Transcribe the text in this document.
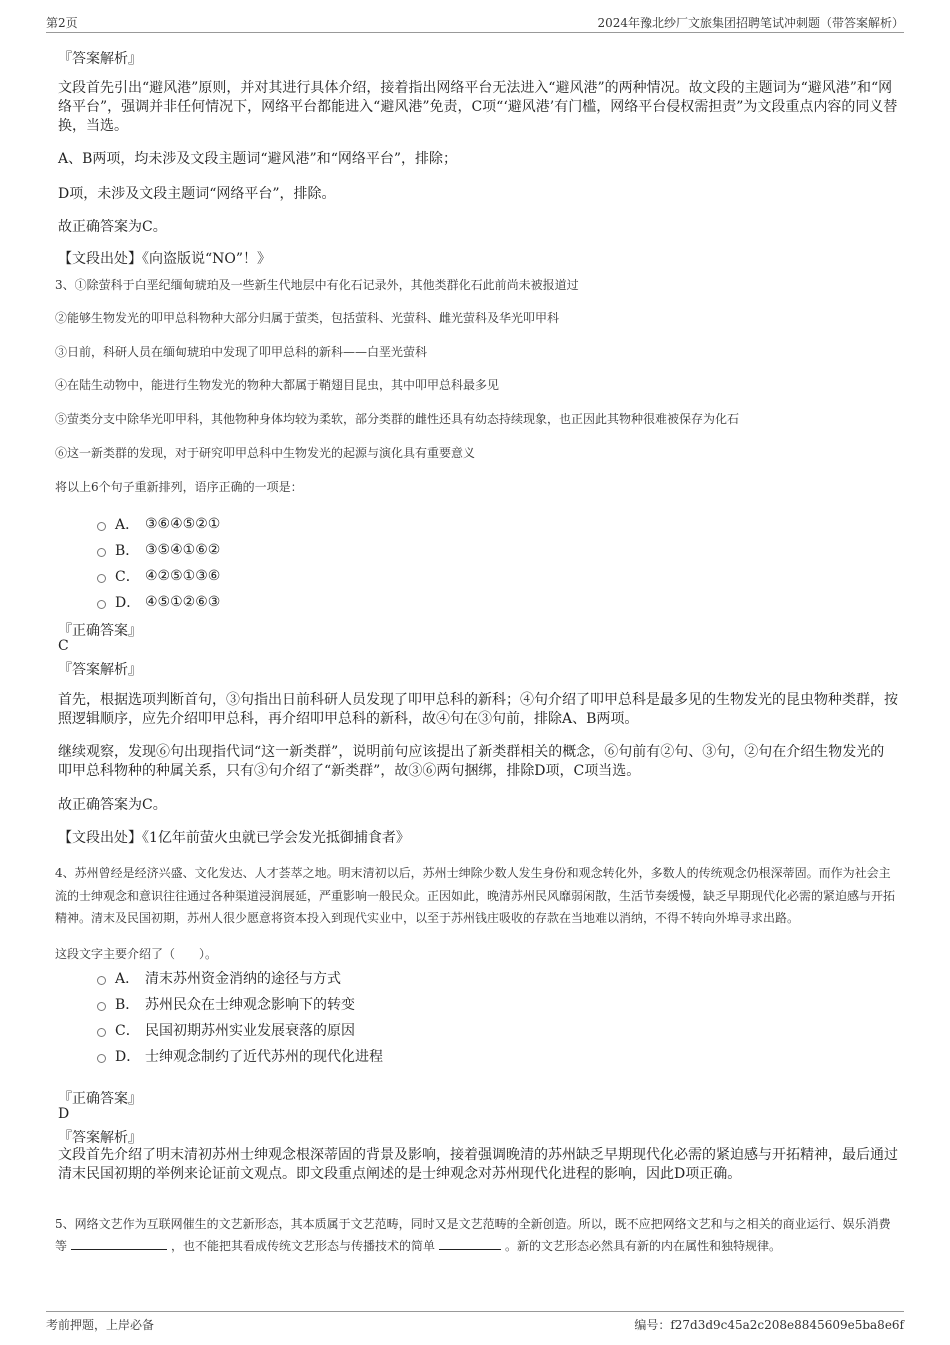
第2页	2024年豫北纱厂文旅集团招聘笔试冲刺题（带答案解析）
『答案解析』
文段首先引出“避风港”原则，并对其进行具体介绍，接着指出网络平台无法进入“避风港”的两种情况。故文段的主题词为“避风港”和“网络平台”，强调并非任何情况下，网络平台都能进入“避风港”免责，C项“‘避风港’有门槛，网络平台侵权需担责”为文段重点内容的同义替换，当选。
A、B两项，均未涉及文段主题词“避风港”和“网络平台”，排除；
D项，未涉及文段主题词“网络平台”，排除。
故正确答案为C。
【文段出处】《向盗版说“NO”！》
3、①除萤科于白垩纪缅甸琥珀及一些新生代地层中有化石记录外，其他类群化石此前尚未被报道过
②能够生物发光的叩甲总科物种大部分归属于萤类，包括萤科、光萤科、雌光萤科及华光叩甲科
③日前，科研人员在缅甸琥珀中发现了叩甲总科的新科——白垩光萤科
④在陆生动物中，能进行生物发光的物种大都属于鞘翅目昆虫，其中叩甲总科最多见
⑤萤类分支中除华光叩甲科，其他物种身体均较为柔软，部分类群的雌性还具有幼态持续现象，也正因此其物种很难被保存为化石
⑥这一新类群的发现，对于研究叩甲总科中生物发光的起源与演化具有重要意义
将以上6个句子重新排列，语序正确的一项是：
A． ③⑥④⑤②①
B． ③⑤④①⑥②
C． ④②⑤①③⑥
D． ④⑤①②⑥③
『正确答案』
C
『答案解析』
首先，根据选项判断首句，③句指出日前科研人员发现了叩甲总科的新科；④句介绍了叩甲总科是最多见的生物发光的昆虫物种类群，按照逻辑顺序，应先介绍叩甲总科，再介绍叩甲总科的新科，故④句在③句前，排除A、B两项。
继续观察，发现⑥句出现指代词“这一新类群”，说明前句应该提出了新类群相关的概念，⑥句前有②句、③句，②句在介绍生物发光的叩甲总科物种的种属关系，只有③句介绍了“新类群”，故③⑥两句捆绑，排除D项，C项当选。
故正确答案为C。
【文段出处】《1亿年前萤火虫就已学会发光抵御捕食者》
4、苏州曾经是经济兴盛、文化发达、人才荟萃之地。明末清初以后，苏州士绅除少数人发生身份和观念转化外，多数人的传统观念仍根深蒂固。而作为社会主流的士绅观念和意识往往通过各种渠道浸润展延，严重影响一般民众。正因如此，晚清苏州民风靡弱闲散，生活节奏缓慢，缺乏早期现代化必需的紧迫感与开拓精神。清末及民国初期，苏州人很少愿意将资本投入到现代实业中，以至于苏州钱庄吸收的存款在当地难以消纳，不得不转向外埠寻求出路。
这段文字主要介绍了（　　）。
A． 清末苏州资金消纳的途径与方式
B． 苏州民众在士绅观念影响下的转变
C． 民国初期苏州实业发展衰落的原因
D． 士绅观念制约了近代苏州的现代化进程
『正确答案』
D
『答案解析』
文段首先介绍了明末清初苏州士绅观念根深蒂固的背景及影响，接着强调晚清的苏州缺乏早期现代化必需的紧迫感与开拓精神，最后通过清末民国初期的举例来论证前文观点。即文段重点阐述的是士绅观念对苏州现代化进程的影响，因此D项正确。
5、网络文艺作为互联网催生的文艺新形态，其本质属于文艺范畴，同时又是文艺范畴的全新创造。所以，既不应把网络文艺和与之相关的商业运行、娱乐消费等	，也不能把其看成传统文艺形态与传播技术的简单	。新的文艺形态必然具有新的内在属性和独特规律。
考前押题，上岸必备	编号：f27d3d9c45a2c208e8845609e5ba8e6f
